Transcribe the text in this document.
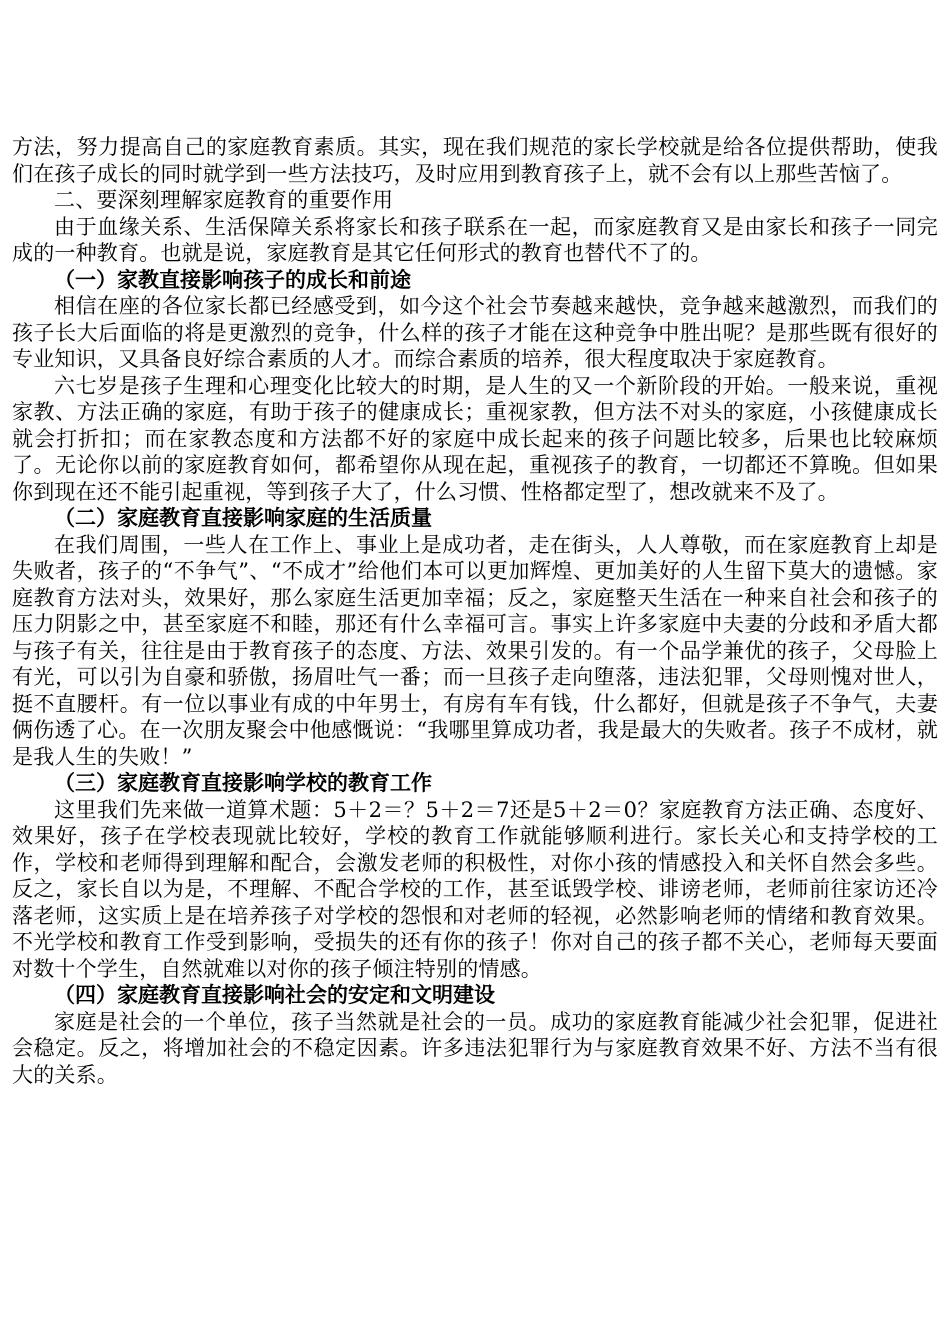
方法，努力提高自己的家庭教育素质。其实，现在我们规范的家长学校就是给各位提供帮助，使我们在孩子成长的同时就学到一些方法技巧，及时应用到教育孩子上，就不会有以上那些苦恼了。

二、要深刻理解家庭教育的重要作用

由于血缘关系、生活保障关系将家长和孩子联系在一起，而家庭教育又是由家长和孩子一同完成的一种教育。也就是说，家庭教育是其它任何形式的教育也替代不了的。

（一）家教直接影响孩子的成长和前途

相信在座的各位家长都已经感受到，如今这个社会节奏越来越快，竞争越来越激烈，而我们的孩子长大后面临的将是更激烈的竞争，什么样的孩子才能在这种竞争中胜出呢？是那些既有很好的专业知识，又具备良好综合素质的人才。而综合素质的培养，很大程度取决于家庭教育。

六七岁是孩子生理和心理变化比较大的时期，是人生的又一个新阶段的开始。一般来说，重视家教、方法正确的家庭，有助于孩子的健康成长；重视家教，但方法不对头的家庭，小孩健康成长就会打折扣；而在家教态度和方法都不好的家庭中成长起来的孩子问题比较多，后果也比较麻烦了。无论你以前的家庭教育如何，都希望你从现在起，重视孩子的教育，一切都还不算晚。但如果你到现在还不能引起重视，等到孩子大了，什么习惯、性格都定型了，想改就来不及了。

（二）家庭教育直接影响家庭的生活质量

在我们周围，一些人在工作上、事业上是成功者，走在街头，人人尊敬，而在家庭教育上却是失败者，孩子的“不争气”、“不成才”给他们本可以更加辉煌、更加美好的人生留下莫大的遗憾。家庭教育方法对头，效果好，那么家庭生活更加幸福；反之，家庭整天生活在一种来自社会和孩子的压力阴影之中，甚至家庭不和睦，那还有什么幸福可言。事实上许多家庭中夫妻的分歧和矛盾大都与孩子有关，往往是由于教育孩子的态度、方法、效果引发的。有一个品学兼优的孩子，父母脸上有光，可以引为自豪和骄傲，扬眉吐气一番；而一旦孩子走向堕落，违法犯罪，父母则愧对世人，挺不直腰杆。有一位以事业有成的中年男士，有房有车有钱，什么都好，但就是孩子不争气，夫妻俩伤透了心。在一次朋友聚会中他感慨说：“我哪里算成功者，我是最大的失败者。孩子不成材，就是我人生的失败！”

（三）家庭教育直接影响学校的教育工作

这里我们先来做一道算术题：5＋2＝？5＋2＝7还是5＋2＝0？家庭教育方法正确、态度好、效果好，孩子在学校表现就比较好，学校的教育工作就能够顺利进行。家长关心和支持学校的工作，学校和老师得到理解和配合，会激发老师的积极性，对你小孩的情感投入和关怀自然会多些。反之，家长自以为是，不理解、不配合学校的工作，甚至诋毁学校、诽谤老师，老师前往家访还冷落老师，这实质上是在培养孩子对学校的怨恨和对老师的轻视，必然影响老师的情绪和教育效果。不光学校和教育工作受到影响，受损失的还有你的孩子！你对自己的孩子都不关心，老师每天要面对数十个学生，自然就难以对你的孩子倾注特别的情感。

（四）家庭教育直接影响社会的安定和文明建设

家庭是社会的一个单位，孩子当然就是社会的一员。成功的家庭教育能减少社会犯罪，促进社会稳定。反之，将增加社会的不稳定因素。许多违法犯罪行为与家庭教育效果不好、方法不当有很大的关系。
